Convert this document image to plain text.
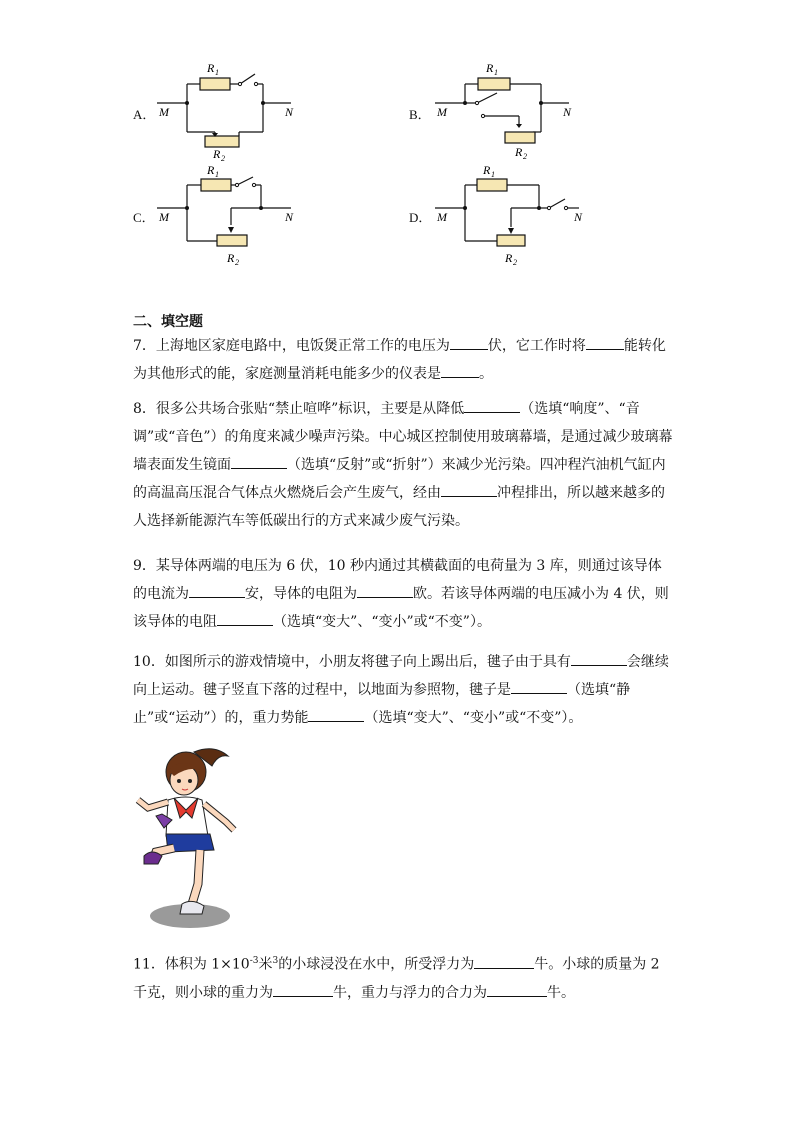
A． M	N
R 1
R 2
B． M	N
R 1
R 2
C． M	N
R 1
R 2
D． M	N
R 1
R 2
二、填空题
7．上海地区家庭电路中，电饭煲正常工作的电压为	伏，它工作时将	能转化为其他形式的能，家庭测量消耗电能多少的仪表是	。
8．很多公共场合张贴“禁止喧哗”标识，主要是从降低	（选填“响度”、“音调”或“音色”）的角度来减少噪声污染。中心城区控制使用玻璃幕墙，是通过减少玻璃幕墙表面发生镜面	（选填“反射”或“折射”）来减少光污染。四冲程汽油机气缸内的高温高压混合气体点火燃烧后会产生废气，经由	冲程排出，所以越来越多的人选择新能源汽车等低碳出行的方式来减少废气污染。
9．某导体两端的电压为 6 伏，10 秒内通过其横截面的电荷量为 3 库，则通过该导体的电流为	安，导体的电阻为	欧。若该导体两端的电压减小为 4 伏，则该导体的电阻	（选填“变大”、“变小”或“不变”）。
10．如图所示的游戏情境中，小朋友将毽子向上踢出后，毽子由于具有	会继续向上运动。毽子竖直下落的过程中，以地面为参照物，毽子是	（选填“静止”或“运动”）的，重力势能	（选填“变大”、“变小”或“不变”）。
11．体积为 $1\times 10^{-3}$米$^3$的小球浸没在水中，所受浮力为	牛。小球的质量为 2 千克，则小球的重力为	牛，重力与浮力的合力为	牛。
